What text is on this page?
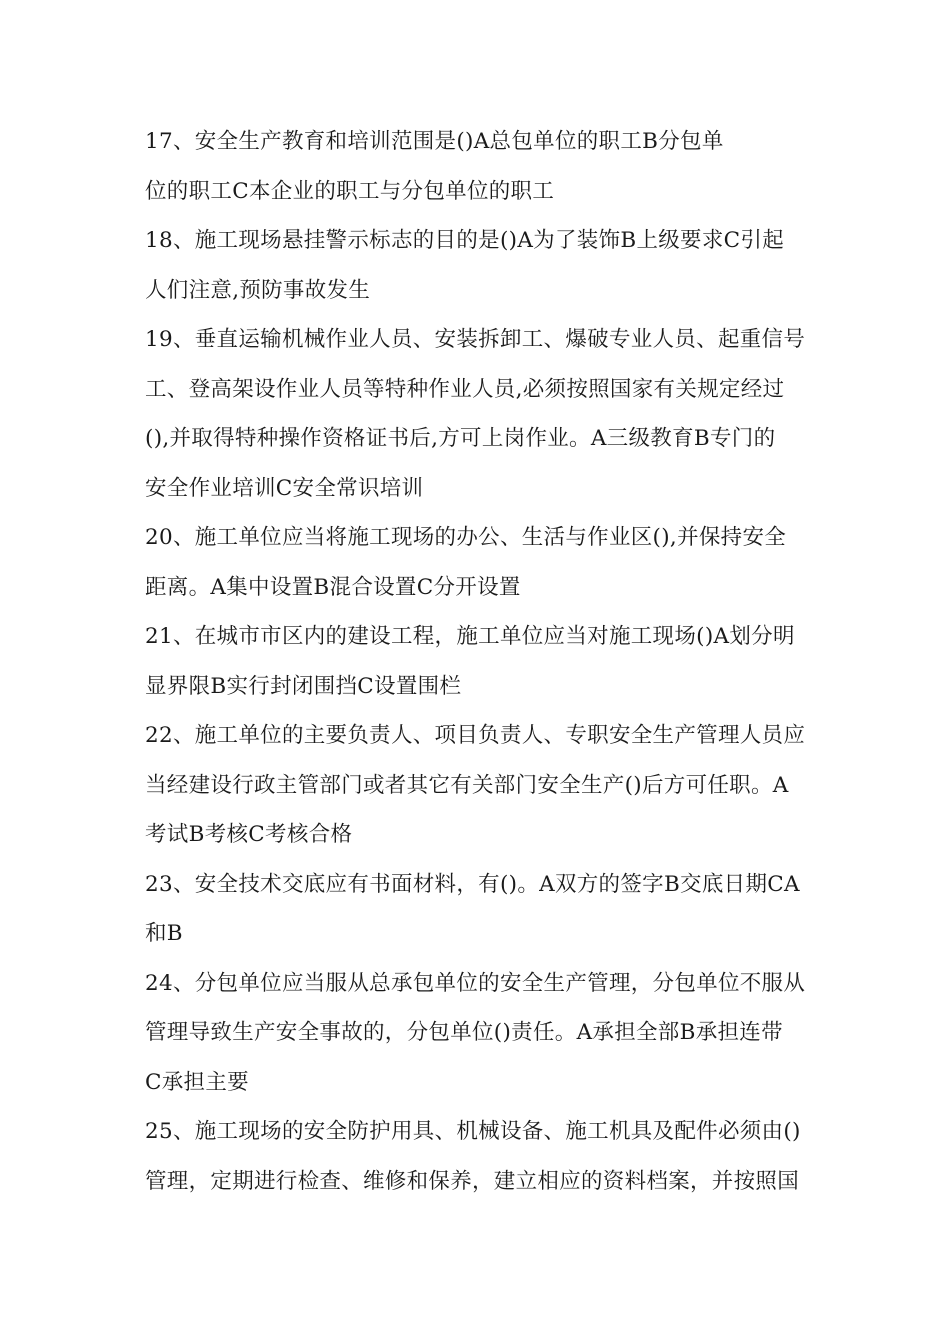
17、安全生产教育和培训范围是()A总包单位的职工B分包单
位的职工C本企业的职工与分包单位的职工
18、施工现场悬挂警示标志的目的是()A为了装饰B上级要求C引起
人们注意,预防事故发生
19、垂直运输机械作业人员、安装拆卸工、爆破专业人员、起重信号
工、登高架设作业人员等特种作业人员,必须按照国家有关规定经过
(),并取得特种操作资格证书后,方可上岗作业。A三级教育B专门的
安全作业培训C安全常识培训
20、施工单位应当将施工现场的办公、生活与作业区(),并保持安全
距离。A集中设置B混合设置C分开设置
21、在城市市区内的建设工程，施工单位应当对施工现场()A划分明
显界限B实行封闭围挡C设置围栏
22、施工单位的主要负责人、项目负责人、专职安全生产管理人员应
当经建设行政主管部门或者其它有关部门安全生产()后方可任职。A
考试B考核C考核合格
23、安全技术交底应有书面材料，有()。A双方的签字B交底日期CA
和B
24、分包单位应当服从总承包单位的安全生产管理，分包单位不服从
管理导致生产安全事故的，分包单位()责任。A承担全部B承担连带
C承担主要
25、施工现场的安全防护用具、机械设备、施工机具及配件必须由()
管理，定期进行检查、维修和保养，建立相应的资料档案，并按照国
